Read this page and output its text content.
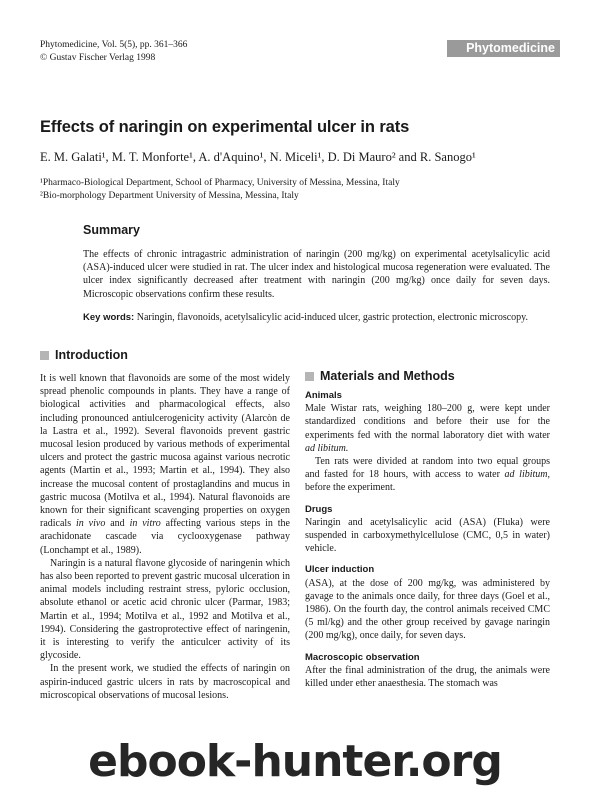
Phytomedicine, Vol. 5(5), pp. 361–366
© Gustav Fischer Verlag 1998
Phytomedicine
Effects of naringin on experimental ulcer in rats
E. M. Galati¹, M. T. Monforte¹, A. d'Aquino¹, N. Miceli¹, D. Di Mauro² and R. Sanogo¹
¹Pharmaco-Biological Department, School of Pharmacy, University of Messina, Messina, Italy
²Bio-morphology Department University of Messina, Messina, Italy
Summary
The effects of chronic intragastric administration of naringin (200 mg/kg) on experimental acetylsalicylic acid (ASA)-induced ulcer were studied in rat. The ulcer index and histological mucosa regeneration were evaluated. The ulcer index significantly decreased after treatment with naringin (200 mg/kg) once daily for seven days. Microscopic observations confirm these results.
Key words: Naringin, flavonoids, acetylsalicylic acid-induced ulcer, gastric protection, electronic microscopy.
Introduction

It is well known that flavonoids are some of the most widely spread phenolic compounds in plants. They have a range of biological activities and pharmacological effects, also including pronounced antiulcerogenicity activity (Alarcòn de la Lastra et al., 1992). Several flavonoids prevent gastric mucosal lesion produced by various methods of experimental ulcers and protect the gastric mucosa against various necrotic agents (Martin et al., 1993; Martin et al., 1994). They also increase the mucosal content of prostaglandins and mucus in gastric mucosa (Motilva et al., 1994). Natural flavonoids are known for their significant scavenging properties on oxygen radicals in vivo and in vitro affecting various steps in the arachidonate cascade via cyclooxygenase pathway (Lonchampt et al., 1989).

Naringin is a natural flavone glycoside of naringenin which has also been reported to prevent gastric mucosal ulceration in animal models including restraint stress, pyloric occlusion, absolute ethanol or acetic acid chronic ulcer (Parmar, 1983; Martin et al., 1994; Motilva et al., 1992 and Motilva et al., 1994). Considering the gastroprotective effect of naringenin, it is interesting to verify the anticulcer activity of its glycoside.

In the present work, we studied the effects of naringin on aspirin-induced gastric ulcers in rats by macroscopical and microscopical observations of mucosal lesions.

Materials and Methods
Animals

Male Wistar rats, weighing 180–200 g, were kept under standardized conditions and before their use for the experiments fed with the normal laboratory diet with water ad libitum.

Ten rats were divided at random into two equal groups and fasted for 18 hours, with access to water ad libitum, before the experiment.

Drugs

Naringin and acetylsalicylic acid (ASA) (Fluka) were suspended in carboxymethylcellulose (CMC, 0,5 in water) vehicle.

Ulcer induction

(ASA), at the dose of 200 mg/kg, was administered by gavage to the animals once daily, for three days (Goel et al., 1986). On the fourth day, the control animals received CMC (5 ml/kg) and the other group received by gavage naringin (200 mg/kg), once daily, for seven days.

Macroscopic observation

After the final administration of the drug, the animals were killed under ether anaesthesia. The stomach was

ebook-hunter.org
